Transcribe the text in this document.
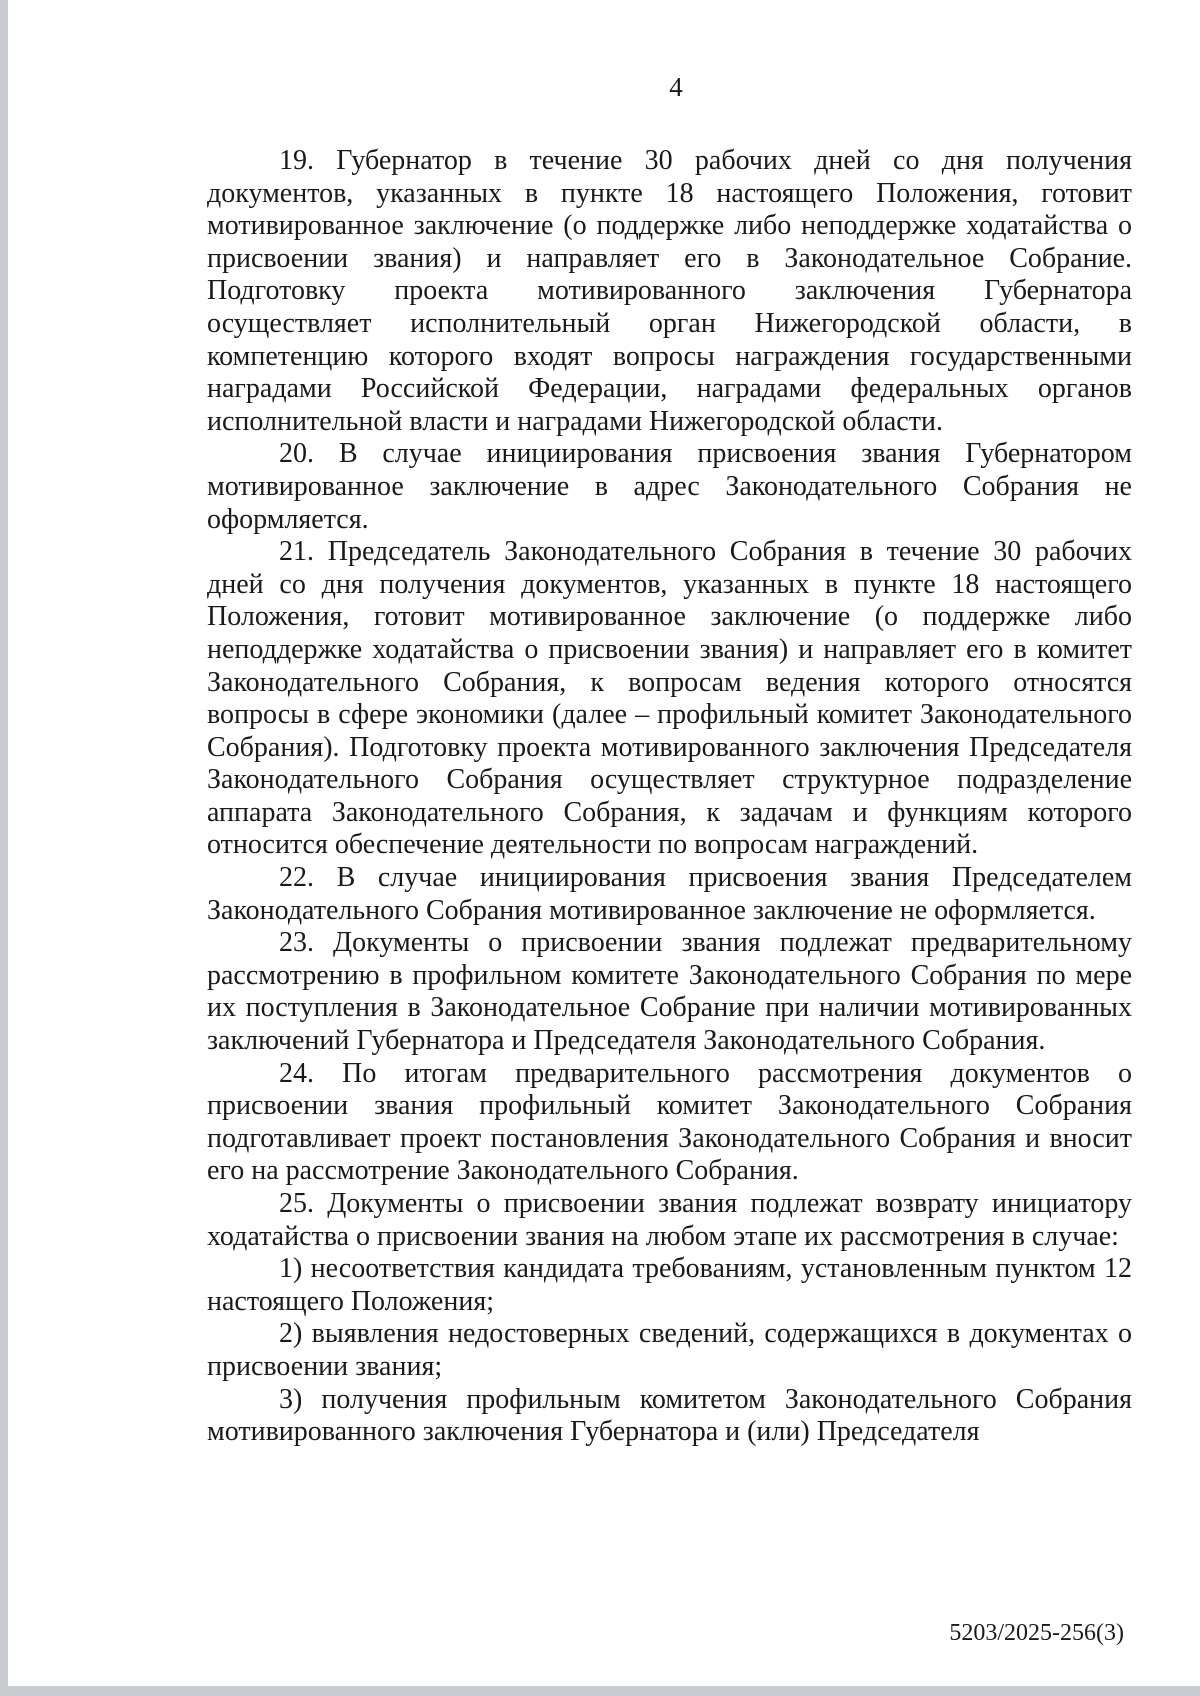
4

19. Губернатор в течение 30 рабочих дней со дня получения документов, указанных в пункте 18 настоящего Положения, готовит мотивированное заключение (о поддержке либо неподдержке ходатайства о присвоении звания) и направляет его в Законодательное Собрание. Подготовку проекта мотивированного заключения Губернатора осуществляет исполнительный орган Нижегородской области, в компетенцию которого входят вопросы награждения государственными наградами Российской Федерации, наградами федеральных органов исполнительной власти и наградами Нижегородской области.

20. В случае инициирования присвоения звания Губернатором мотивированное заключение в адрес Законодательного Собрания не оформляется.

21. Председатель Законодательного Собрания в течение 30 рабочих дней со дня получения документов, указанных в пункте 18 настоящего Положения, готовит мотивированное заключение (о поддержке либо неподдержке ходатайства о присвоении звания) и направляет его в комитет Законодательного Собрания, к вопросам ведения которого относятся вопросы в сфере экономики (далее – профильный комитет Законодательного Собрания). Подготовку проекта мотивированного заключения Председателя Законодательного Собрания осуществляет структурное подразделение аппарата Законодательного Собрания, к задачам и функциям которого относится обеспечение деятельности по вопросам награждений.

22. В случае инициирования присвоения звания Председателем Законодательного Собрания мотивированное заключение не оформляется.

23. Документы о присвоении звания подлежат предварительному рассмотрению в профильном комитете Законодательного Собрания по мере их поступления в Законодательное Собрание при наличии мотивированных заключений Губернатора и Председателя Законодательного Собрания.

24. По итогам предварительного рассмотрения документов о присвоении звания профильный комитет Законодательного Собрания подготавливает проект постановления Законодательного Собрания и вносит его на рассмотрение Законодательного Собрания.

25. Документы о присвоении звания подлежат возврату инициатору ходатайства о присвоении звания на любом этапе их рассмотрения в случае:

1) несоответствия кандидата требованиям, установленным пунктом 12 настоящего Положения;

2) выявления недостоверных сведений, содержащихся в документах о присвоении звания;

3) получения профильным комитетом Законодательного Собрания мотивированного заключения Губернатора и (или) Председателя

5203/2025-256(3)
